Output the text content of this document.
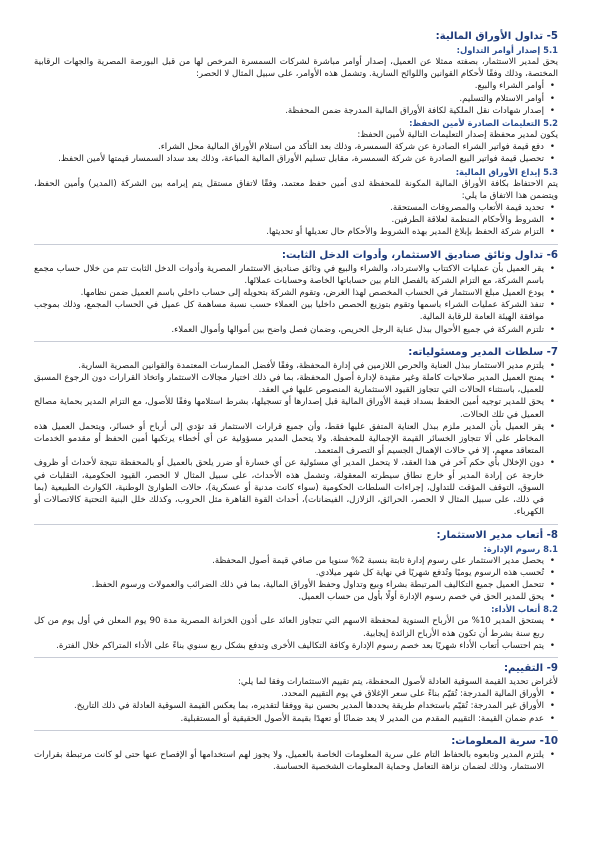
5- تداول الأوراق المالية:
5.1 إصدار أوامر التداول:

يحق لمدير الاستثمار، بصفته ممثلا عن العميل، إصدار أوامر مباشرة لشركات السمسرة المرخص لها من قبل البورصة المصرية والجهات الرقابية المختصة، وذلك وفقًا لأحكام القوانين واللوائح السارية. وتشمل هذه الأوامر، على سبيل المثال لا الحصر:

• أوامر الشراء والبيع.
• أوامر الاستلام والتسليم.
• إصدار شهادات نقل الملكية لكافة الأوراق المالية المدرجة ضمن المحفظة.
5.2 التعليمات الصادرة لأمين الحفظ:

يكون لمدير محفظة إصدار التعليمات التالية لأمين الحفظ:

• دفع قيمة فواتير الشراء الصادرة عن شركة السمسرة، وذلك بعد التأكد من استلام الأوراق المالية محل الشراء.
• تحصيل قيمة فواتير البيع الصادرة عن شركة السمسرة، مقابل تسليم الأوراق المالية المباعة، وذلك بعد سداد السمسار قيمتها لأمين الحفظ.
5.3 إيداع الأوراق المالية:

يتم الاحتفاظ بكافة الأوراق المالية المكونة للمحفظة لدى أمين حفظ معتمد، وفقًا لاتفاق مستقل يتم إبرامه بين الشركة (المدير) وأمين الحفظ، ويتضمن هذا الاتفاق ما يلي:

• تحديد قيمة الأتعاب والمصروفات المستحقة.
• الشروط والأحكام المنظمة لعلاقة الطرفين.
• التزام شركة الحفظ بإبلاغ المدير بهذه الشروط والأحكام حال تعديلها أو تحديثها.
6- تداول وثائق صناديق الاستثمار، وأدوات الدخل الثابت:
• يقر العميل بأن عمليات الاكتتاب والاسترداد، والشراء والبيع في وثائق صناديق الاستثمار المصرية وأدوات الدخل الثابت تتم من خلال حساب مجمع باسم الشركة، مع التزام الشركة بالفصل التام بين حساباتها الخاصة وحسابات عملائها.
• يودع العميل مبلغ الاستثمار في الحساب المخصص لهذا الغرض، وتقوم الشركة بتحويله إلى حساب داخلي باسم العميل ضمن نظامها.
• تنفذ الشركة عمليات الشراء باسمها وتقوم بتوزيع الحصص داخليا بين العملاء حسب نسبة مساهمة كل عميل في الحساب المجمع، وذلك بموجب موافقة الهيئة العامة للرقابة المالية.
• تلتزم الشركة في جميع الأحوال ببذل عناية الرجل الحريص، وضمان فصل واضح بين أموالها وأموال العملاء.
7- سلطات المدير ومسئولياته:
• يلتزم مدير الاستثمار ببذل العناية والحرص اللازمين في إدارة المحفظة، وفقًا لأفضل الممارسات المعتمدة والقوانين المصرية السارية.
• يمنح العميل المدير صلاحيات كاملة وغير مقيدة لإدارة أصول المحفظة، بما في ذلك اختيار مجالات الاستثمار واتخاذ القرارات دون الرجوع المسبق للعميل، باستثناء الحالات التي تتجاوز القيود الاستثمارية المنصوص عليها في العقد.
• يحق للمدير توجيه أمين الحفظ بسداد قيمة الأوراق المالية قبل إصدارها أو تسجيلها، بشرط استلامها وفقًا للأصول، مع التزام المدير بحماية مصالح العميل في تلك الحالات.
• يقر العميل بأن المدير ملزم ببذل العناية المتفق عليها فقط، وأن جميع قرارات الاستثمار قد تؤدي إلى أرباح أو خسائر، ويتحمل العميل هذه المخاطر على ألا تتجاوز الخسائر القيمة الإجمالية للمحفظة. ولا يتحمل المدير مسؤولية عن أي أخطاء يرتكبها أمين الحفظ أو مقدمو الخدمات المتعاقد معهم، إلا في حالات الإهمال الجسيم أو التصرف المتعمد.
• دون الإخلال بأي حكم آخر في هذا العقد، لا يتحمل المدير أي مسئولية عن أي خسارة أو ضرر يلحق بالعميل أو بالمحفظة نتيجة لأحداث أو ظروف خارجة عن إرادة المدير أو خارج نطاق سيطرته المعقولة، وتشمل هذه الأحداث، على سبيل المثال لا الحصر، القيود الحكومية، التقلبات في السوق، التوقف المؤقت للتداول، إجراءات السلطات الحكومية (سواء كانت مدنية أو عسكرية)، حالات الطوارئ الوطنية، الكوارث الطبيعية (بما في ذلك، على سبيل المثال لا الحصر، الحرائق، الزلازل، الفيضانات)، أحداث القوة القاهرة مثل الحروب، وكذلك خلل البنية التحتية كالاتصالات أو الكهرباء.
8- أتعاب مدير الاستثمار:
8.1 رسوم الإدارة:
• يحصل مدير الاستثمار على رسوم إدارة ثابتة بنسبة 2% سنويا من صافي قيمة أصول المحفظة.
• تُحسب هذه الرسوم يوميًا وتُدفع شهريًا في نهاية كل شهر ميلادي.
• تتحمل العميل جميع التكاليف المرتبطة بشراء وبيع وتداول وحفظ الأوراق المالية، بما في ذلك الضرائب والعمولات ورسوم الحفظ.
• يحق للمدير الحق في خصم رسوم الإدارة أولًا بأول من حساب العميل.
8.2 أتعاب الأداء:
• يستحق المدير 10% من الأرباح السنوية لمحفظة الاسهم التي تتجاوز العائد على أذون الخزانة المصرية مدة 90 يوم المعلن في أول يوم من كل ربع سنة بشرط أن تكون هذه الأرباح الزائدة إيجابية.
• يتم احتساب أتعاب الأداء شهريًا بعد خصم رسوم الإدارة وكافة التكاليف الأخرى وتدفع بشكل ربع سنوي بناءً على الأداء المتراكم خلال الفترة.
9- التقييم:

لأغراض تحديد القيمة السوقية العادلة لأصول المحفظة، يتم تقييم الاستثمارات وفقا لما يلي:

• الأوراق المالية المدرجة: تُقيّم بناءً على سعر الإغلاق في يوم التقييم المحدد.
• الأوراق غير المدرجة: تُقيّم باستخدام طريقة يحددها المدير بحسن نية ووفقا لتقديره، بما يعكس القيمة السوقية العادلة في ذلك التاريخ.
• عدم ضمان القيمة: التقييم المقدم من المدير لا يعد ضمانًا أو تعهدًا بقيمة الأصول الحقيقية أو المستقبلية.
10- سرية المعلومات:
• يلتزم المدير وتابعوه بالحفاظ التام على سرية المعلومات الخاصة بالعميل، ولا يجوز لهم استخدامها أو الإفصاح عنها حتى لو كانت مرتبطة بقرارات الاستثمار، وذلك لضمان نزاهة التعامل وحماية المعلومات الشخصية الحساسة.
